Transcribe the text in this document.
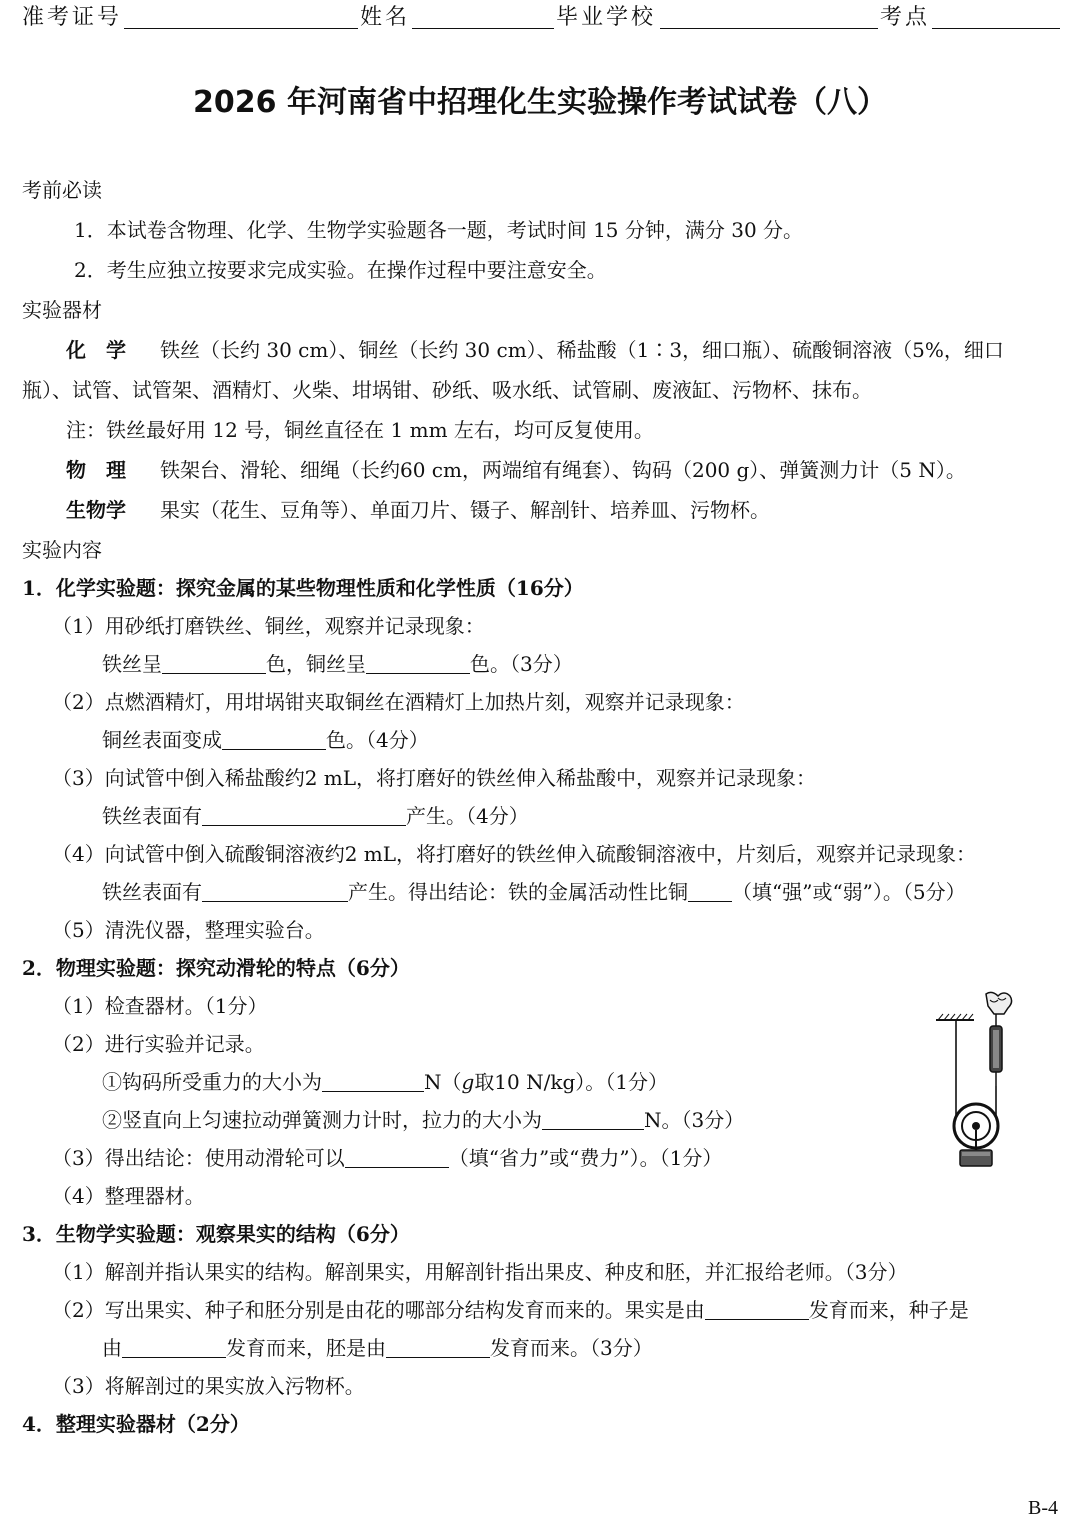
准考证号	姓名	毕业学校	考点
2026 年河南省中招理化生实验操作考试试卷（八）
考前必读
1．本试卷含物理、化学、生物学实验题各一题，考试时间 15 分钟，满分 30 分。
2．考生应独立按要求完成实验。在操作过程中要注意安全。
实验器材
化　学 铁丝（长约 30 cm）、铜丝（长约 30 cm）、稀盐酸（1∶3，细口瓶）、硫酸铜溶液（5%，细口
瓶）、试管、试管架、酒精灯、火柴、坩埚钳、砂纸、吸水纸、试管刷、废液缸、污物杯、抹布。
注：铁丝最好用 12 号，铜丝直径在 1 mm 左右，均可反复使用。
物　理 铁架台、滑轮、细绳（长约60 cm，两端绾有绳套）、钩码（200 g）、弹簧测力计（5 N）。
生物学 果实（花生、豆角等）、单面刀片、镊子、解剖针、培养皿、污物杯。
实验内容
1．化学实验题：探究金属的某些物理性质和化学性质（16分）
（1）用砂纸打磨铁丝、铜丝，观察并记录现象：
铁丝呈	色，铜丝呈	色。（3分）
（2）点燃酒精灯，用坩埚钳夹取铜丝在酒精灯上加热片刻，观察并记录现象：
铜丝表面变成	色。（4分）
（3）向试管中倒入稀盐酸约2 mL，将打磨好的铁丝伸入稀盐酸中，观察并记录现象：
铁丝表面有	产生。（4分）
（4）向试管中倒入硫酸铜溶液约2 mL，将打磨好的铁丝伸入硫酸铜溶液中，片刻后，观察并记录现象：
铁丝表面有	产生。得出结论：铁的金属活动性比铜 （填“强”或“弱”）。（5分）
（5）清洗仪器，整理实验台。
2．物理实验题：探究动滑轮的特点（6分）
（1）检查器材。（1分）
（2）进行实验并记录。
①钩码所受重力的大小为	N（g取10 N/kg）。（1分）
②竖直向上匀速拉动弹簧测力计时，拉力的大小为	N。（3分）
（3）得出结论：使用动滑轮可以	（填“省力”或“费力”）。（1分）
（4）整理器材。
3．生物学实验题：观察果实的结构（6分）
（1）解剖并指认果实的结构。解剖果实，用解剖针指出果皮、种皮和胚，并汇报给老师。（3分）
（2）写出果实、种子和胚分别是由花的哪部分结构发育而来的。果实是由	发育而来，种子是
由	发育而来，胚是由	发育而来。（3分）
（3）将解剖过的果实放入污物杯。
4．整理实验器材（2分）
B-4
